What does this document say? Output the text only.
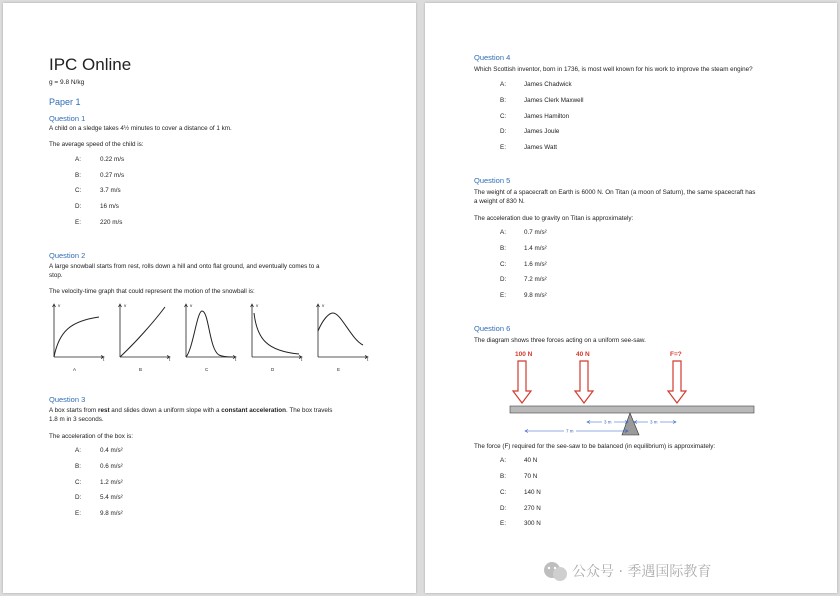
IPC Online
g = 9.8 N/kg
Paper 1
Question 1
A child on a sledge takes 4½ minutes to cover a distance of 1 km.
The average speed of the child is:
A:	0.22 m/s
B:	0.27 m/s
C:	3.7 m/s
D:	16 m/s
E:	220 m/s
Question 2
A large snowball starts from rest, rolls down a hill and onto flat ground, and eventually comes to a
stop.
The velocity-time graph that could represent the motion of the snowball is:
v
t
v
t
v
t
v
t
v
t
A	B	C	D	E
Question 3
A box starts from rest and slides down a uniform slope with a constant acceleration. The box travels
1.8 m in 3 seconds.
The acceleration of the box is:
A:	0.4 m/s²
B:	0.6 m/s²
C:	1.2 m/s²
D:	5.4 m/s²
E:	9.8 m/s²
Question 4
Which Scottish inventor, born in 1736, is most well known for his work to improve the steam engine?
A:	James Chadwick
B:	James Clerk Maxwell
C:	James Hamilton
D:	James Joule
E:	James Watt
Question 5
The weight of a spacecraft on Earth is 6000 N. On Titan (a moon of Saturn), the same spacecraft has
a weight of 830 N.
The acceleration due to gravity on Titan is approximately:
A:	0.7 m/s²
B:	1.4 m/s²
C:	1.6 m/s²
D:	7.2 m/s²
E:	9.8 m/s²
Question 6
The diagram shows three forces acting on a uniform see-saw.
100 N	40 N	F=?
3 m	3 m
7 m
The force (F) required for the see-saw to be balanced (in equilibrium) is approximately:
A:	40 N
B:	70 N
C:	140 N
D:	270 N
E:	300 N
公众号 · 季遇国际教育
